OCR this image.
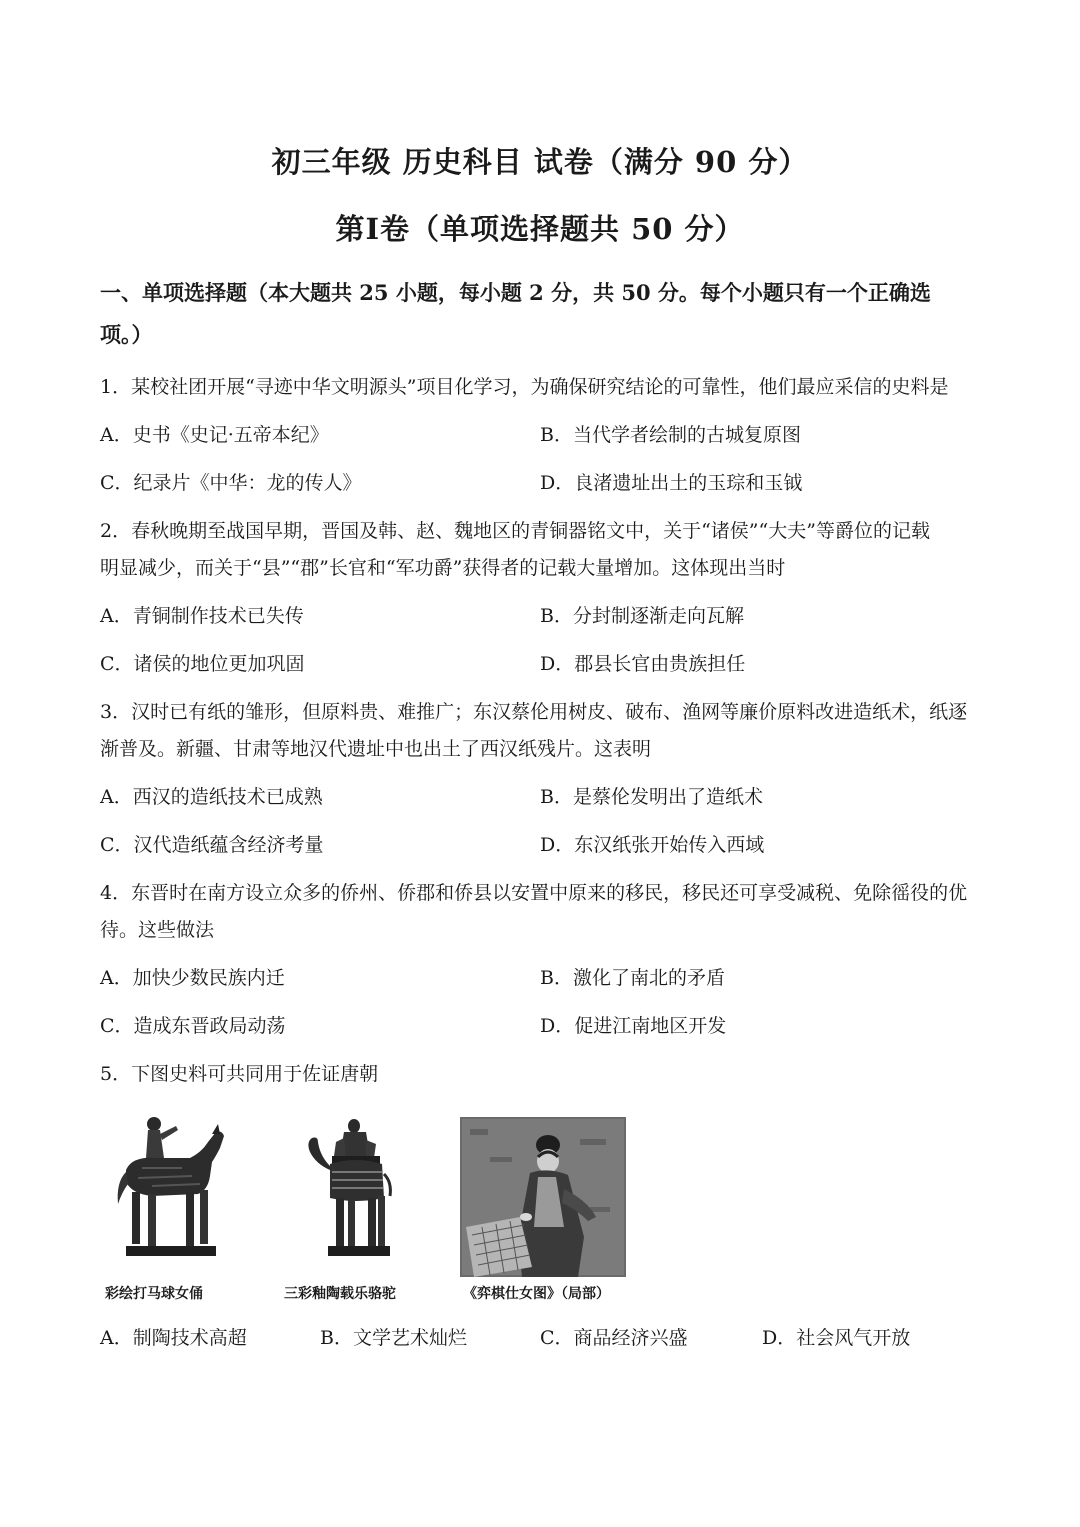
初三年级 历史科目 试卷（满分 90 分）
第Ⅰ卷（单项选择题共 50 分）
一、单项选择题（本大题共 25 小题，每小题 2 分，共 50 分。每个小题只有一个正确选
项。）
1．某校社团开展“寻迹中华文明源头”项目化学习，为确保研究结论的可靠性，他们最应采信的史料是
A．史书《史记·五帝本纪》	B．当代学者绘制的古城复原图
C．纪录片《中华：龙的传人》	D．良渚遗址出土的玉琮和玉钺
2．春秋晚期至战国早期，晋国及韩、赵、魏地区的青铜器铭文中，关于“诸侯”“大夫”等爵位的记载
明显减少，而关于“县”“郡”长官和“军功爵”获得者的记载大量增加。这体现出当时
A．青铜制作技术已失传	B．分封制逐渐走向瓦解
C．诸侯的地位更加巩固	D．郡县长官由贵族担任
3．汉时已有纸的雏形，但原料贵、难推广；东汉蔡伦用树皮、破布、渔网等廉价原料改进造纸术，纸逐
渐普及。新疆、甘肃等地汉代遗址中也出土了西汉纸残片。这表明
A．西汉的造纸技术已成熟	B．是蔡伦发明出了造纸术
C．汉代造纸蕴含经济考量	D．东汉纸张开始传入西域
4．东晋时在南方设立众多的侨州、侨郡和侨县以安置中原来的移民，移民还可享受减税、免除徭役的优
待。这些做法
A．加快少数民族内迁	B．激化了南北的矛盾
C．造成东晋政局动荡	D．促进江南地区开发
5．下图史料可共同用于佐证唐朝
彩绘打马球女俑	三彩釉陶载乐骆驼	《弈棋仕女图》（局部）
A．制陶技术高超	B．文学艺术灿烂	C．商品经济兴盛	D．社会风气开放
